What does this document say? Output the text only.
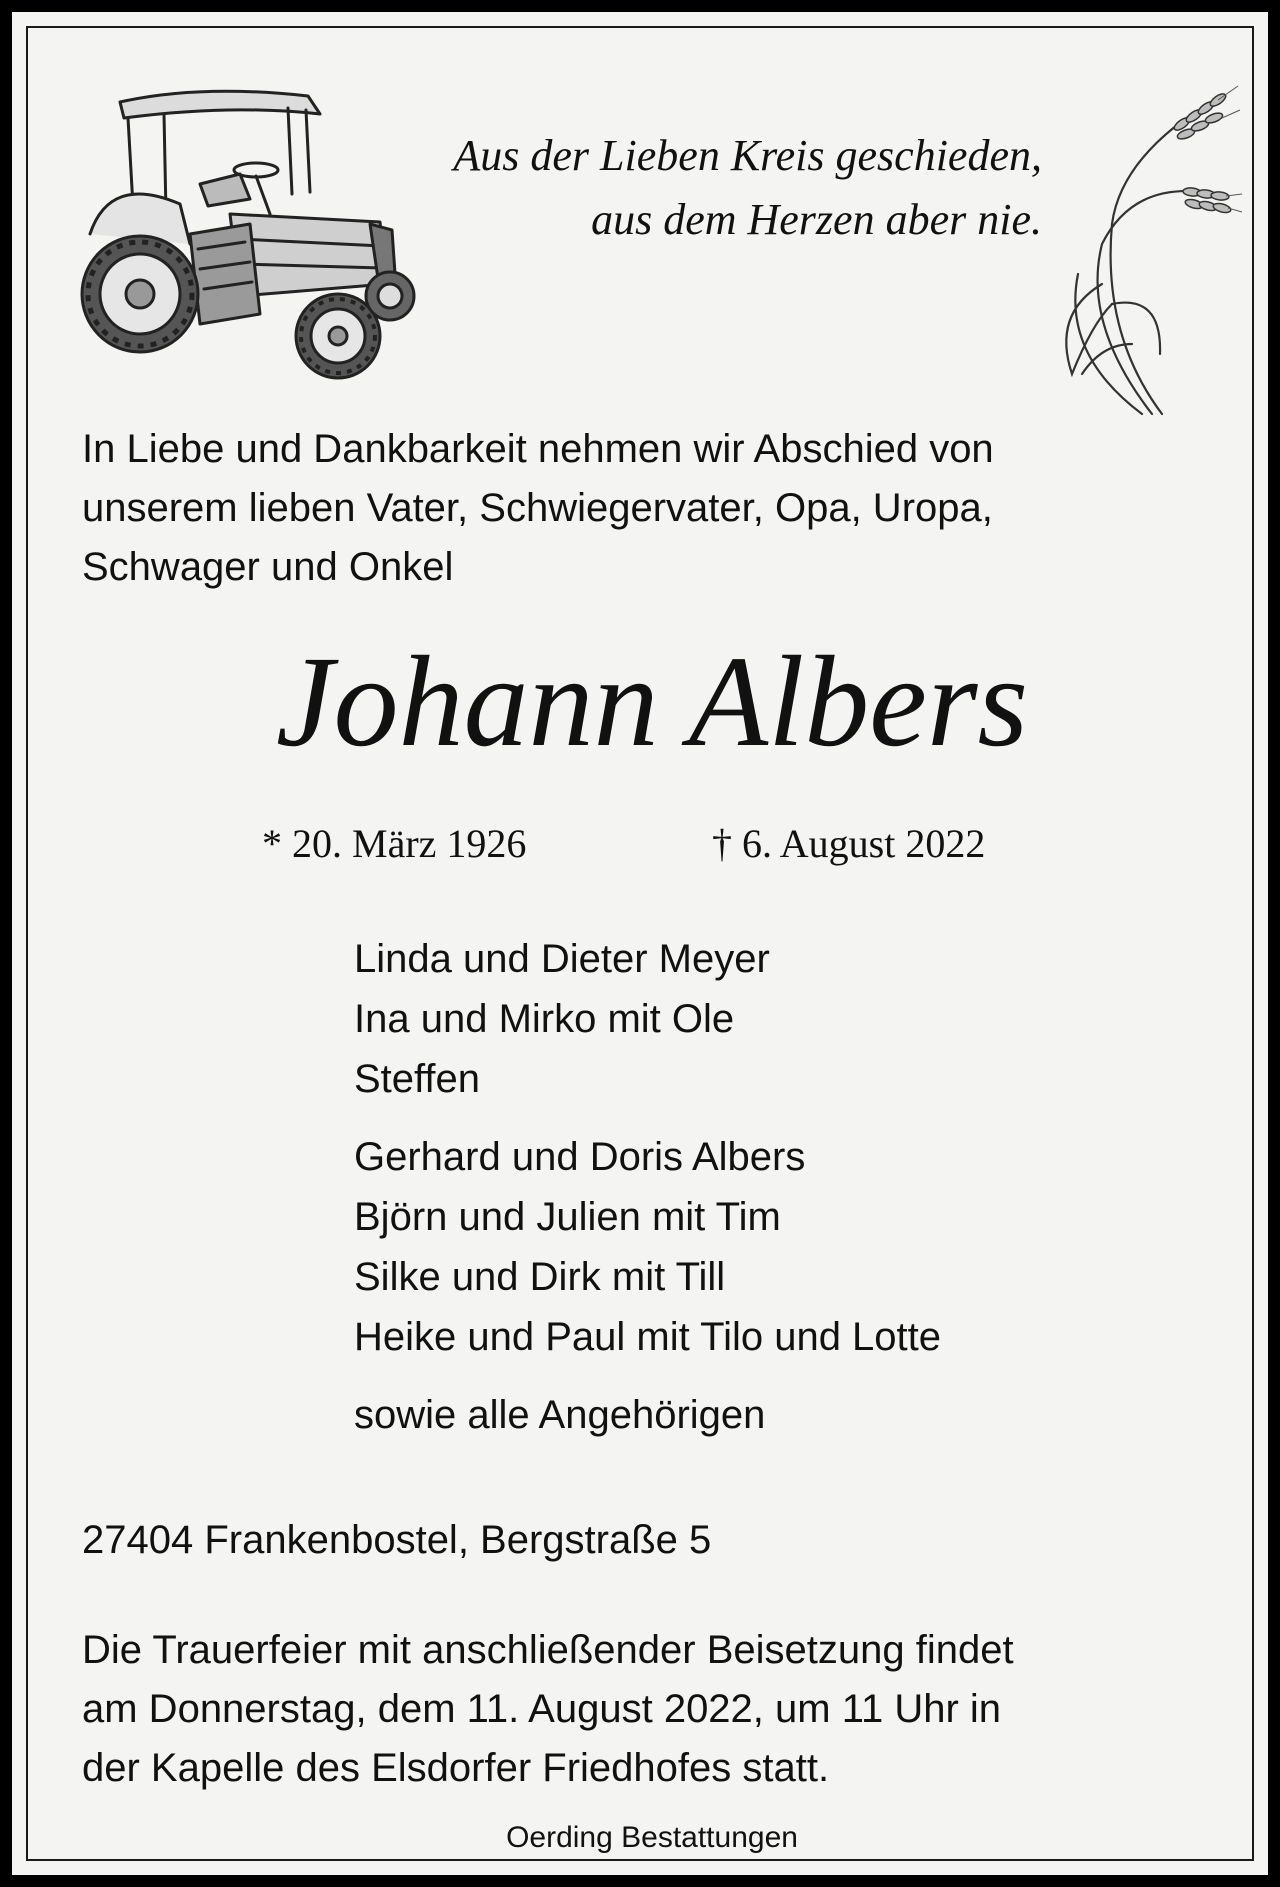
Aus der Lieben Kreis geschieden,
aus dem Herzen aber nie.
In Liebe und Dankbarkeit nehmen wir Abschied von
unserem lieben Vater, Schwiegervater, Opa, Uropa,
Schwager und Onkel
Johann Albers
* 20. März 1926	† 6. August 2022
Linda und Dieter Meyer
Ina und Mirko mit Ole
Steffen
Gerhard und Doris Albers
Björn und Julien mit Tim
Silke und Dirk mit Till
Heike und Paul mit Tilo und Lotte
sowie alle Angehörigen
27404 Frankenbostel, Bergstraße 5
Die Trauerfeier mit anschließender Beisetzung findet
am Donnerstag, dem 11. August 2022, um 11 Uhr in
der Kapelle des Elsdorfer Friedhofes statt.
Oerding Bestattungen
